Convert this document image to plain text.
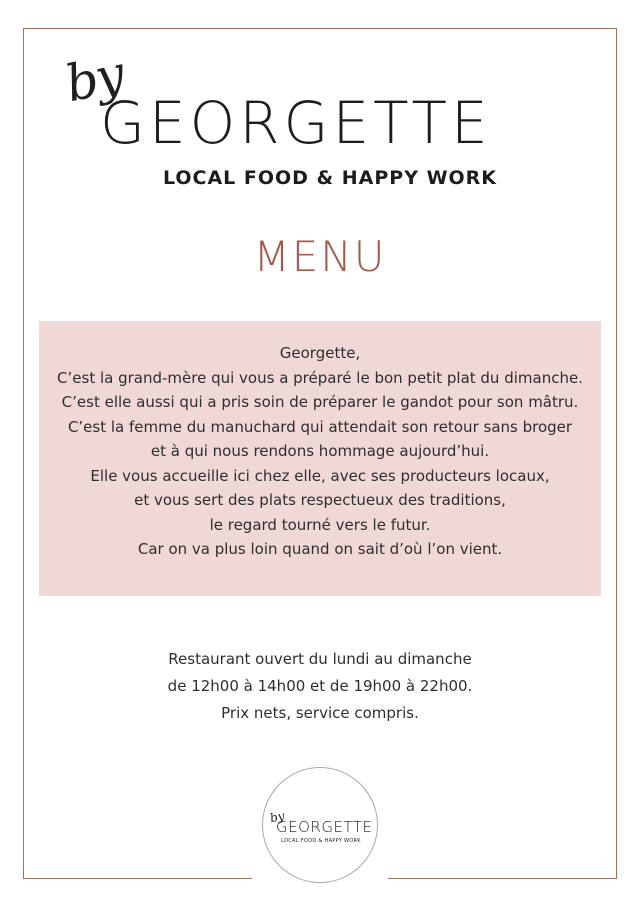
by
GEORGETTE
LOCAL FOOD & HAPPY WORK
MENU
Georgette,
C’est la grand-mère qui vous a préparé le bon petit plat du dimanche.
C’est elle aussi qui a pris soin de préparer le gandot pour son mâtru.
C’est la femme du manuchard qui attendait son retour sans broger
et à qui nous rendons hommage aujourd’hui.
Elle vous accueille ici chez elle, avec ses producteurs locaux,
et vous sert des plats respectueux des traditions,
le regard tourné vers le futur.
Car on va plus loin quand on sait d’où l’on vient.
Restaurant ouvert du lundi au dimanche
de 12h00 à 14h00 et de 19h00 à 22h00.
Prix nets, service compris.
by
GEORGETTE
LOCAL FOOD & HAPPY WORK
